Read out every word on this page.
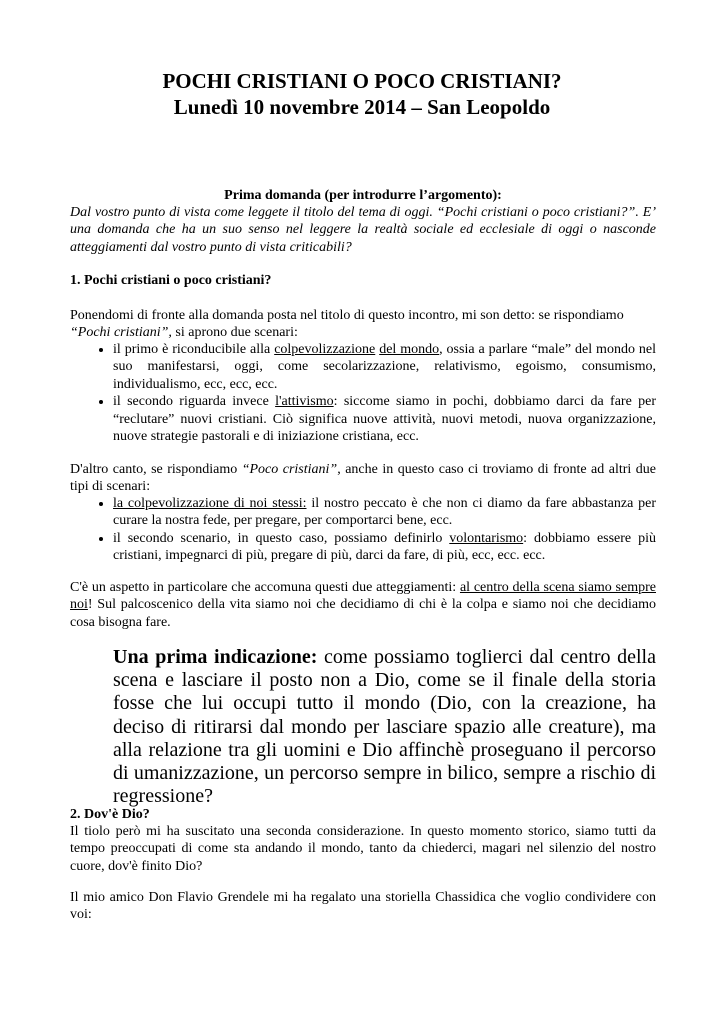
POCHI CRISTIANI O POCO CRISTIANI?
Lunedì 10 novembre 2014 – San Leopoldo
Prima domanda (per introdurre l’argomento):
Dal vostro punto di vista come leggete il titolo del tema di oggi. “Pochi cristiani o poco cristiani?”. E’ una domanda che ha un suo senso nel leggere la realtà sociale ed ecclesiale di oggi o nasconde atteggiamenti dal vostro punto di vista criticabili?
1. Pochi cristiani o poco cristiani?
Ponendomi di fronte alla domanda posta nel titolo di questo incontro, mi son detto: se rispondiamo
“Pochi cristiani”, si aprono due scenari:
• il primo è riconducibile alla colpevolizzazione del mondo, ossia a parlare “male” del mondo nel suo manifestarsi, oggi, come secolarizzazione, relativismo, egoismo, consumismo, individualismo, ecc, ecc, ecc.
• il secondo riguarda invece l'attivismo: siccome siamo in pochi, dobbiamo darci da fare per “reclutare” nuovi cristiani. Ciò significa nuove attività, nuovi metodi, nuova organizzazione, nuove strategie pastorali e di iniziazione cristiana, ecc.
D'altro canto, se rispondiamo “Poco cristiani”, anche in questo caso ci troviamo di fronte ad altri due tipi di scenari:
• la colpevolizzazione di noi stessi: il nostro peccato è che non ci diamo da fare abbastanza per curare la nostra fede, per pregare, per comportarci bene, ecc.
• il secondo scenario, in questo caso, possiamo definirlo volontarismo: dobbiamo essere più cristiani, impegnarci di più, pregare di più, darci da fare, di più, ecc, ecc. ecc.
C'è un aspetto in particolare che accomuna questi due atteggiamenti: al centro della scena siamo sempre noi! Sul palcoscenico della vita siamo noi che decidiamo di chi è la colpa e siamo noi che decidiamo cosa bisogna fare.
Una prima indicazione: come possiamo toglierci dal centro della scena e lasciare il posto non a Dio, come se il finale della storia fosse che lui occupi tutto il mondo (Dio, con la creazione, ha deciso di ritirarsi dal mondo per lasciare spazio alle creature), ma alla relazione tra gli uomini e Dio affinchè proseguano il percorso di umanizzazione, un percorso sempre in bilico, sempre a rischio di regressione?
2. Dov'è Dio?
Il tiolo però mi ha suscitato una seconda considerazione. In questo momento storico, siamo tutti da tempo preoccupati di come sta andando il mondo, tanto da chiederci, magari nel silenzio del nostro cuore, dov'è finito Dio?
Il mio amico Don Flavio Grendele mi ha regalato una storiella Chassidica che voglio condividere con voi:
